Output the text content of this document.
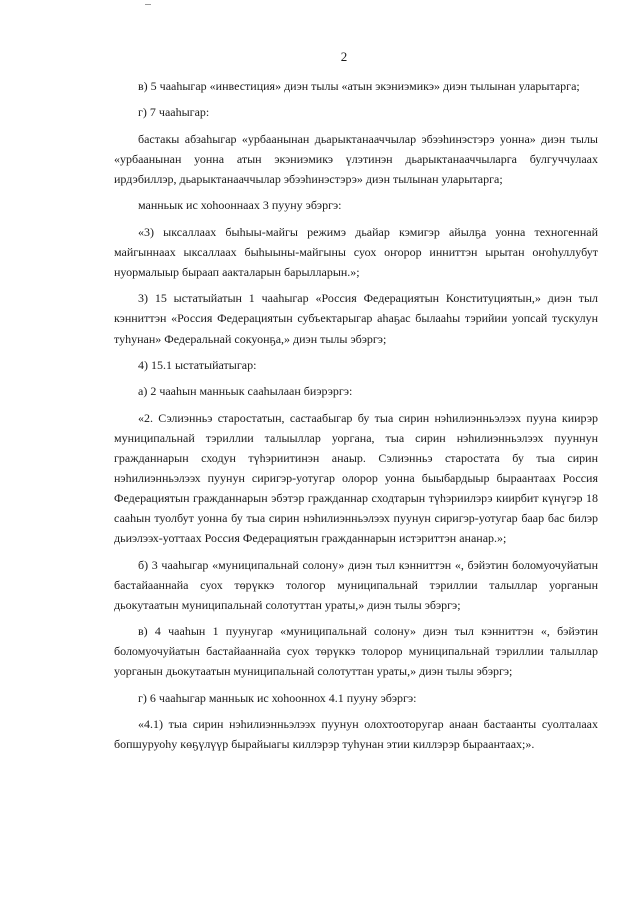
2

в) 5 чааһыгар «инвестиция» диэн тылы «атын экэниэмикэ» диэн тылынан уларытарга;

г) 7 чааһыгар:

бастакы абзаһыгар «урбаанынан дьарыктанааччылар эбээһинэстэрэ уонна» диэн тылы «урбаанынан уонна атын экэниэмикэ үлэтинэн дьарыктанааччыларга булгуччулаах ирдэбиллэр, дьарыктанааччылар эбээһинэстэрэ» диэн тылынан уларытарга;

манньык ис хоһооннаах 3 пууну эбэргэ:

«3) ыксаллаах быһыы-майгы режимэ дьайар кэмигэр айылҕа уонна техногеннай майгыннаах ыксаллаах быһыыны-майгыны суох оҥорор инниттэн ырытан оҥоһуллубут нуормалыыр быраап аакталарын барылларын.»;

3) 15 ыстатыйатын 1 чааһыгар «Россия Федерациятын Конституциятын,» диэн тыл кэнниттэн «Россия Федерациятын субъектарыгар аһаҕас былааһы тэрийии уопсай тускулун туһунан» Федеральнай сокуонҕа,» диэн тылы эбэргэ;

4) 15.1 ыстатыйатыгар:

а) 2 чааһын манньык сааһылаан биэрэргэ:

«2. Сэлиэнньэ старостатын, састаабыгар бу тыа сирин нэһилиэнньэлээх пууна киирэр муниципальнай тэриллии талыыллар уоргана, тыа сирин нэһилиэнньэлээх пууннун гражданнарын сходун түһэриитинэн анаыр. Сэлиэнньэ старостата бу тыа сирин нэһилиэнньэлээх пуунун сиригэр-уотугар олорор уонна быыбардыыр быраантаах Россия Федерациятын гражданнарын эбэтэр гражданнар сходтарын түһэриилэрэ киирбит күнүгэр 18 сааһын туолбут уонна бу тыа сирин нэһилиэнньэлээх пуунун сиригэр-уотугар баар бас билэр дьиэлээх-уоттаах Россия Федерациятын гражданнарын истэриттэн ананар.»;

б) 3 чааһыгар «муниципальнай солону» диэн тыл кэнниттэн «, бэйэтин боломуочуйатын бастайааннайа суох төрүккэ тологор муниципальнай тэриллии талыллар уорганын дьокутаатын муниципальнай солотуттан ураты,» диэн тылы эбэргэ;

в) 4 чааһын 1 пуунугар «муниципальнай солону» диэн тыл кэнниттэн «, бэйэтин боломуочуйатын бастайааннайа суох төрүккэ толорор муниципальнай тэриллии талыллар уорганын дьокутаатын муниципальнай солотуттан ураты,» диэн тылы эбэргэ;

г) 6 чааһыгар манньык ис хоһооннох 4.1 пууну эбэргэ:

«4.1) тыа сирин нэһилиэнньэлээх пуунун олохтооторугар анаан бастаанты суолталаах бопшуруоһу көҕүлүүр бырайыагы киллэрэр туһунан этии киллэрэр быраантаах;».
